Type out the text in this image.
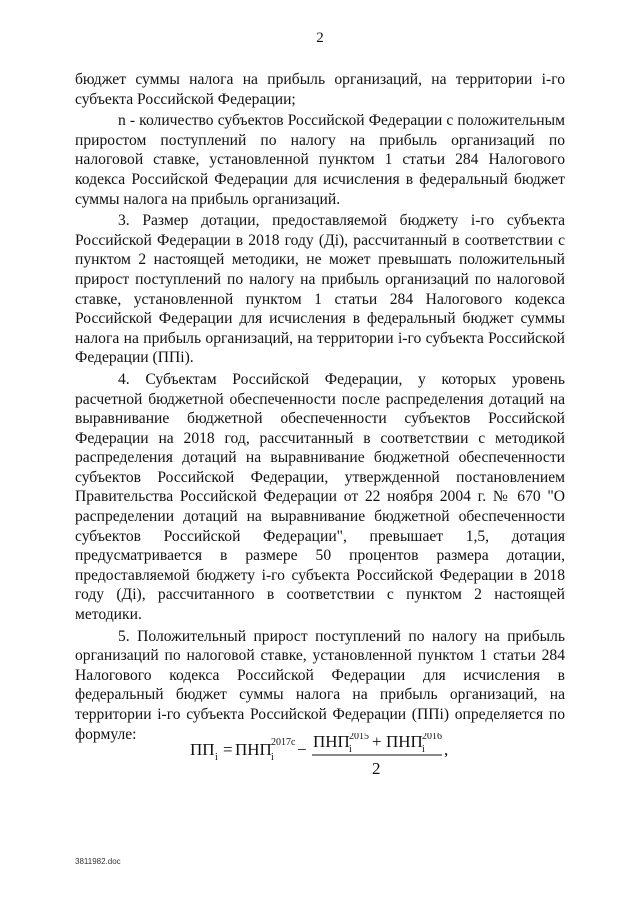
2

бюджет суммы налога на прибыль организаций, на территории i-го субъекта Российской Федерации;

n - количество субъектов Российской Федерации с положительным приростом поступлений по налогу на прибыль организаций по налоговой ставке, установленной пунктом 1 статьи 284 Налогового кодекса Российской Федерации для исчисления в федеральный бюджет суммы налога на прибыль организаций.

3. Размер дотации, предоставляемой бюджету i-го субъекта Российской Федерации в 2018 году (Дi), рассчитанный в соответствии с пунктом 2 настоящей методики, не может превышать положительный прирост поступлений по налогу на прибыль организаций по налоговой ставке, установленной пунктом 1 статьи 284 Налогового кодекса Российской Федерации для исчисления в федеральный бюджет суммы налога на прибыль организаций, на территории i-го субъекта Российской Федерации (ППi).

4. Субъектам Российской Федерации, у которых уровень расчетной бюджетной обеспеченности после распределения дотаций на выравнивание бюджетной обеспеченности субъектов Российской Федерации на 2018 год, рассчитанный в соответствии с методикой распределения дотаций на выравнивание бюджетной обеспеченности субъектов Российской Федерации, утвержденной постановлением Правительства Российской Федерации от 22 ноября 2004 г. № 670 "О распределении дотаций на выравнивание бюджетной обеспеченности субъектов Российской Федерации", превышает 1,5, дотация предусматривается в размере 50 процентов размера дотации, предоставляемой бюджету i-го субъекта Российской Федерации в 2018 году (Дi), рассчитанного в соответствии с пунктом 2 настоящей методики.

5. Положительный прирост поступлений по налогу на прибыль организаций по налоговой ставке, установленной пунктом 1 статьи 284 Налогового кодекса Российской Федерации для исчисления в федеральный бюджет суммы налога на прибыль организаций, на территории i-го субъекта Российской Федерации (ППi) определяется по формуле:

ПП i = ПНП 2017с
i − ПНП 2015
i + ПНП 2016
i
2
,
3811982.doc
